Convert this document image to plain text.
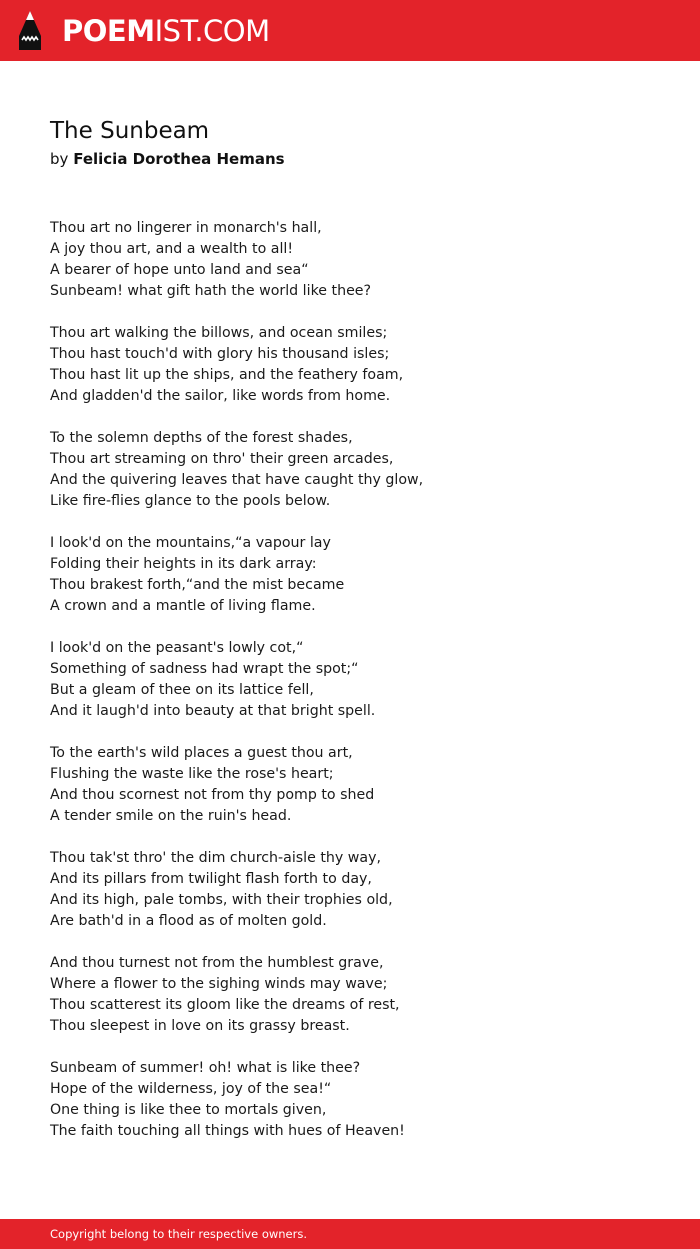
POEMIST.COM
The Sunbeam
by Felicia Dorothea Hemans
Thou art no lingerer in monarch's hall,
A joy thou art, and a wealth to all!
A bearer of hope unto land and sea“
Sunbeam! what gift hath the world like thee?
Thou art walking the billows, and ocean smiles;
Thou hast touch'd with glory his thousand isles;
Thou hast lit up the ships, and the feathery foam,
And gladden'd the sailor, like words from home.
To the solemn depths of the forest shades,
Thou art streaming on thro' their green arcades,
And the quivering leaves that have caught thy glow,
Like fire-flies glance to the pools below.
I look'd on the mountains,“a vapour lay
Folding their heights in its dark array:
Thou brakest forth,“and the mist became
A crown and a mantle of living flame.
I look'd on the peasant's lowly cot,“
Something of sadness had wrapt the spot;“
But a gleam of thee on its lattice fell,
And it laugh'd into beauty at that bright spell.
To the earth's wild places a guest thou art,
Flushing the waste like the rose's heart;
And thou scornest not from thy pomp to shed
A tender smile on the ruin's head.
Thou tak'st thro' the dim church-aisle thy way,
And its pillars from twilight flash forth to day,
And its high, pale tombs, with their trophies old,
Are bath'd in a flood as of molten gold.
And thou turnest not from the humblest grave,
Where a flower to the sighing winds may wave;
Thou scatterest its gloom like the dreams of rest,
Thou sleepest in love on its grassy breast.
Sunbeam of summer! oh! what is like thee?
Hope of the wilderness, joy of the sea!“
One thing is like thee to mortals given,
The faith touching all things with hues of Heaven!
Copyright belong to their respective owners.
